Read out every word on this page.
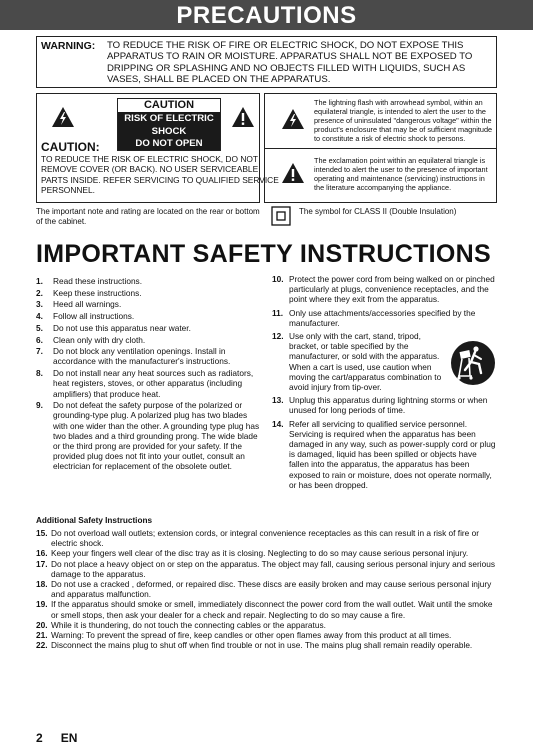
PRECAUTIONS
WARNING: TO REDUCE THE RISK OF FIRE OR ELECTRIC SHOCK, DO NOT EXPOSE THIS APPARATUS TO RAIN OR MOISTURE. APPARATUS SHALL NOT BE EXPOSED TO DRIPPING OR SPLASHING AND NO OBJECTS FILLED WITH LIQUIDS, SUCH AS VASES, SHALL BE PLACED ON THE APPARATUS.
CAUTION
RISK OF ELECTRIC SHOCK
DO NOT OPEN
CAUTION:
TO REDUCE THE RISK OF ELECTRIC SHOCK, DO NOT REMOVE COVER (OR BACK). NO USER SERVICEABLE PARTS INSIDE. REFER SERVICING TO QUALIFIED SERVICE PERSONNEL.
The lightning flash with arrowhead symbol, within an equilateral triangle, is intended to alert the user to the presence of uninsulated "dangerous voltage" within the product's enclosure that may be of sufficient magnitude to constitute a risk of electric shock to persons.
The exclamation point within an equilateral triangle is intended to alert the user to the presence of important operating and maintenance (servicing) instructions in the literature accompanying the appliance.
The important note and rating are located on the rear or bottom of the cabinet.
The symbol for CLASS II (Double Insulation)
IMPORTANT SAFETY INSTRUCTIONS
1. Read these instructions.
2. Keep these instructions.
3. Heed all warnings.
4. Follow all instructions.
5. Do not use this apparatus near water.
6. Clean only with dry cloth.
7. Do not block any ventilation openings. Install in accordance with the manufacturer's instructions.
8. Do not install near any heat sources such as radiators, heat registers, stoves, or other apparatus (including amplifiers) that produce heat.
9. Do not defeat the safety purpose of the polarized or grounding-type plug. A polarized plug has two blades with one wider than the other. A grounding type plug has two blades and a third grounding prong. The wide blade or the third prong are provided for your safety. If the provided plug does not fit into your outlet, consult an electrician for replacement of the obsolete outlet.
10. Protect the power cord from being walked on or pinched particularly at plugs, convenience receptacles, and the point where they exit from the apparatus.
11. Only use attachments/accessories specified by the manufacturer.
12. Use only with the cart, stand, tripod, bracket, or table specified by the manufacturer, or sold with the apparatus. When a cart is used, use caution when moving the cart/apparatus combination to avoid injury from tip-over.
13. Unplug this apparatus during lightning storms or when unused for long periods of time.
14. Refer all servicing to qualified service personnel. Servicing is required when the apparatus has been damaged in any way, such as power-supply cord or plug is damaged, liquid has been spilled or objects have fallen into the apparatus, the apparatus has been exposed to rain or moisture, does not operate normally, or has been dropped.
Additional Safety Instructions
15. Do not overload wall outlets; extension cords, or integral convenience receptacles as this can result in a risk of fire or electric shock.
16. Keep your fingers well clear of the disc tray as it is closing. Neglecting to do so may cause serious personal injury.
17. Do not place a heavy object on or step on the apparatus. The object may fall, causing serious personal injury and serious damage to the apparatus.
18. Do not use a cracked , deformed, or repaired disc. These discs are easily broken and may cause serious personal injury and apparatus malfunction.
19. If the apparatus should smoke or smell, immediately disconnect the power cord from the wall outlet. Wait until the smoke or smell stops, then ask your dealer for a check and repair. Neglecting to do so may cause a fire.
20. While it is thundering, do not touch the connecting cables or the apparatus.
21. Warning: To prevent the spread of fire, keep candles or other open flames away from this product at all times.
22. Disconnect the mains plug to shut off when find trouble or not in use. The mains plug shall remain readily operable.
2 EN
